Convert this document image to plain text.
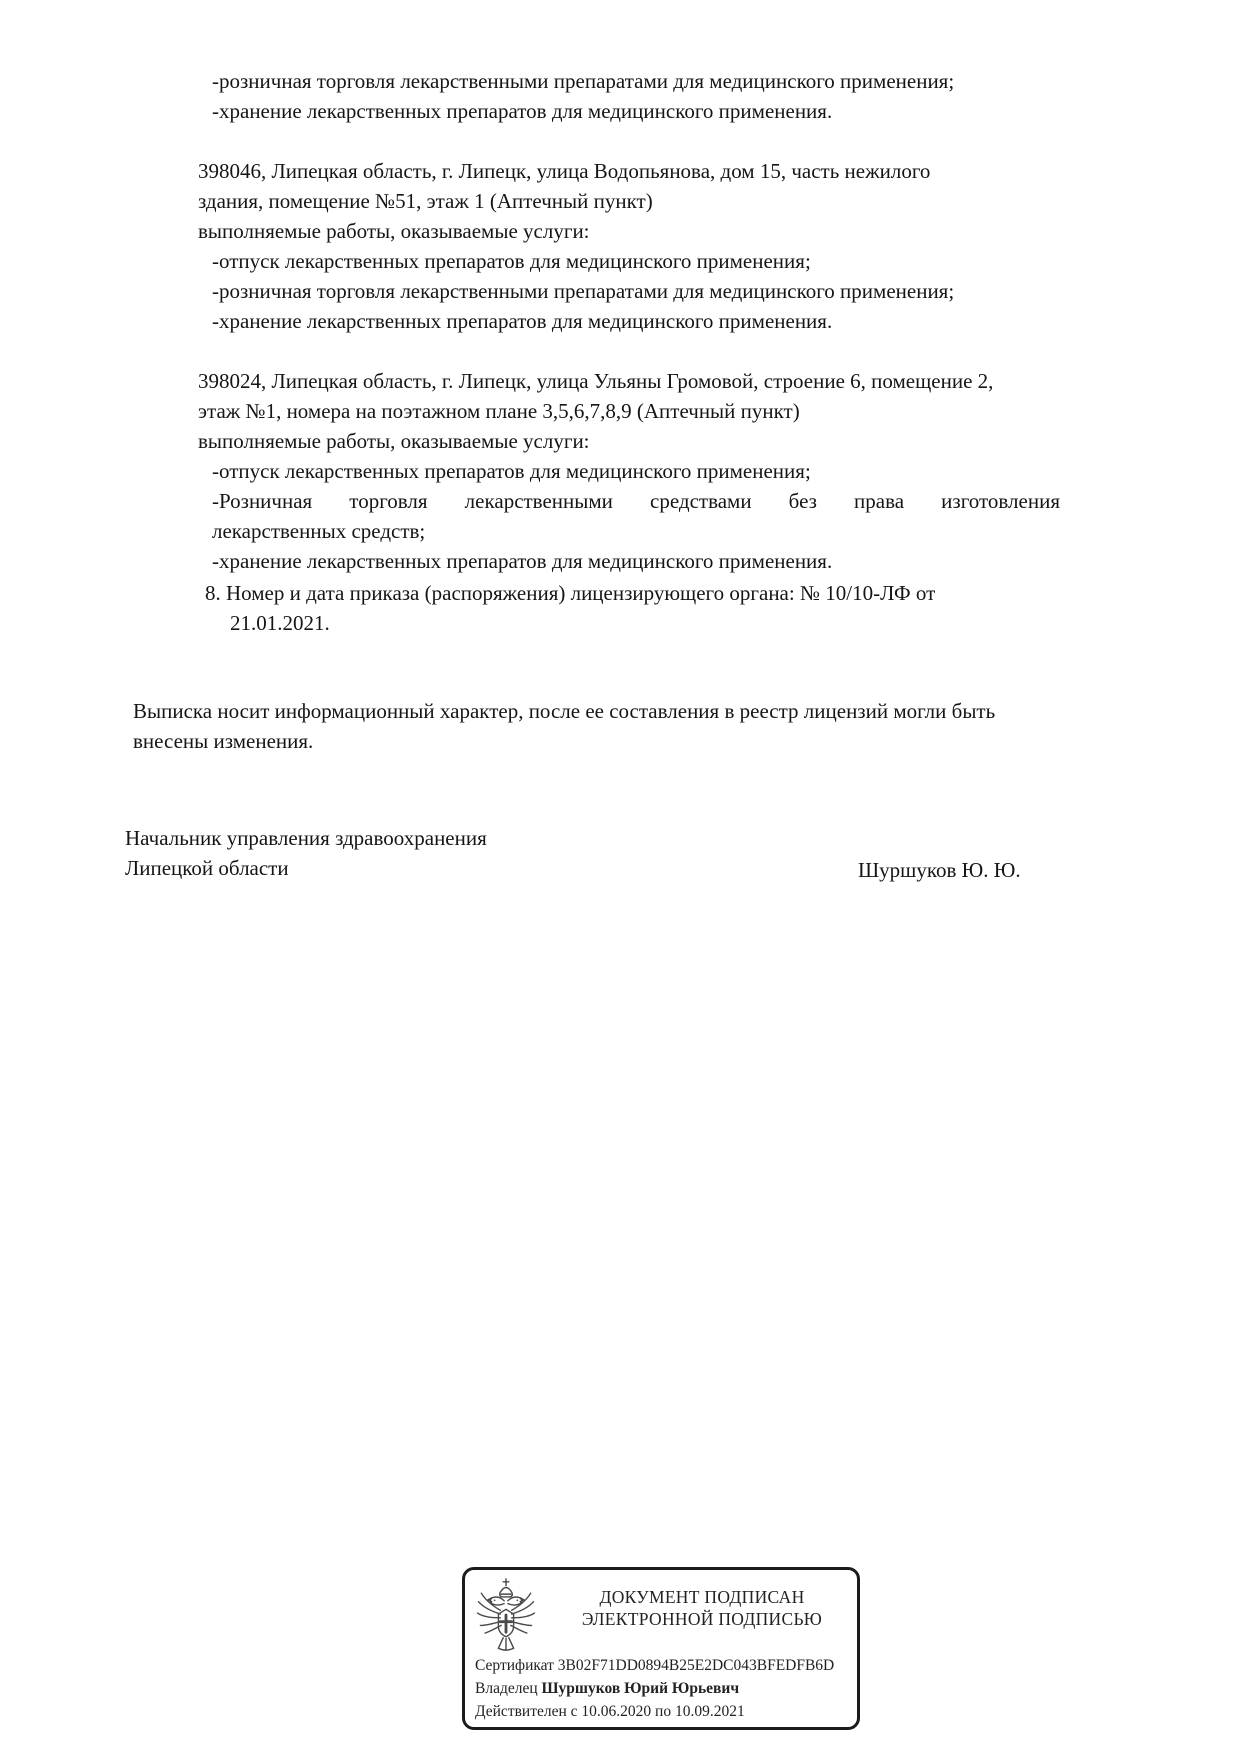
-розничная торговля лекарственными препаратами для медицинского применения;
-хранение лекарственных препаратов для медицинского применения.
398046, Липецкая область, г. Липецк, улица Водопьянова, дом 15, часть нежилого
здания, помещение №51, этаж 1 (Аптечный пункт)
выполняемые работы, оказываемые услуги:
-отпуск лекарственных препаратов для медицинского применения;
-розничная торговля лекарственными препаратами для медицинского применения;
-хранение лекарственных препаратов для медицинского применения.
398024, Липецкая область, г. Липецк, улица Ульяны Громовой, строение 6, помещение 2,
этаж №1, номера на поэтажном плане 3,5,6,7,8,9 (Аптечный пункт)
выполняемые работы, оказываемые услуги:
-отпуск лекарственных препаратов для медицинского применения;
-Розничная торговля лекарственными средствами без права изготовления
лекарственных средств;
-хранение лекарственных препаратов для медицинского применения.
8. Номер и дата приказа (распоряжения) лицензирующего органа: № 10/10-ЛФ от
21.01.2021.
Выписка носит информационный характер, после ее составления в реестр лицензий могли быть
внесены изменения.
Начальник управления здравоохранения
Липецкой области	Шуршуков Ю. Ю.
ДОКУМЕНТ ПОДПИСАН
ЭЛЕКТРОННОЙ ПОДПИСЬЮ
Сертификат 3B02F71DD0894B25E2DC043BFEDFB6D
Владелец Шуршуков Юрий Юрьевич
Действителен с 10.06.2020 по 10.09.2021
